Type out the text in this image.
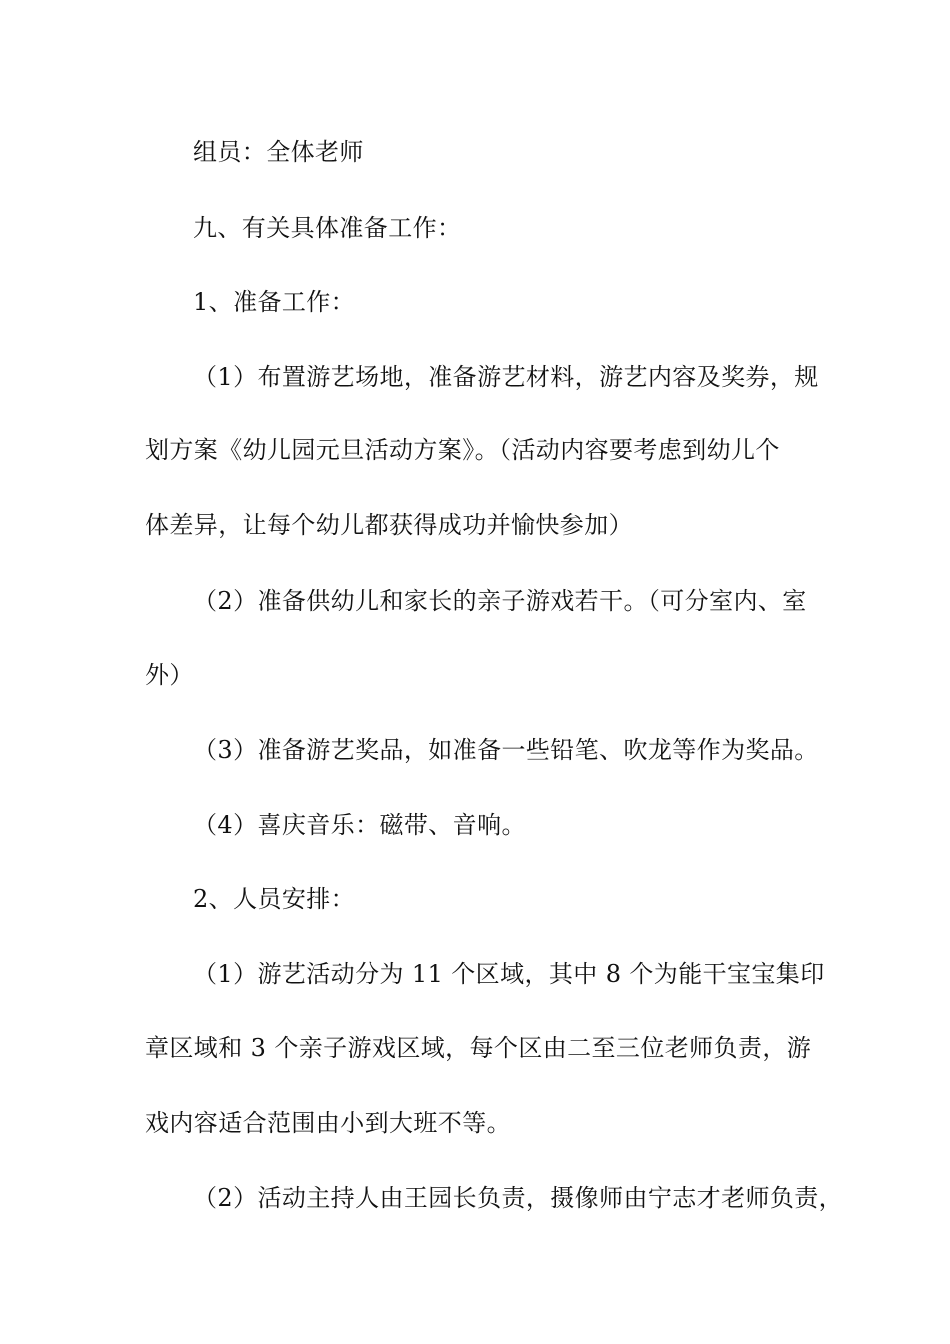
组员：全体老师
九、有关具体准备工作：
1、准备工作：
（1）布置游艺场地，准备游艺材料，游艺内容及奖券，规
划方案《幼儿园元旦活动方案》。（活动内容要考虑到幼儿个
体差异，让每个幼儿都获得成功并愉快参加）
（2）准备供幼儿和家长的亲子游戏若干。（可分室内、室
外）
（3）准备游艺奖品，如准备一些铅笔、吹龙等作为奖品。
（4）喜庆音乐：磁带、音响。
2、人员安排：
（1）游艺活动分为 11 个区域，其中 8 个为能干宝宝集印
章区域和 3 个亲子游戏区域，每个区由二至三位老师负责，游
戏内容适合范围由小到大班不等。
（2）活动主持人由王园长负责，摄像师由宁志才老师负责，
